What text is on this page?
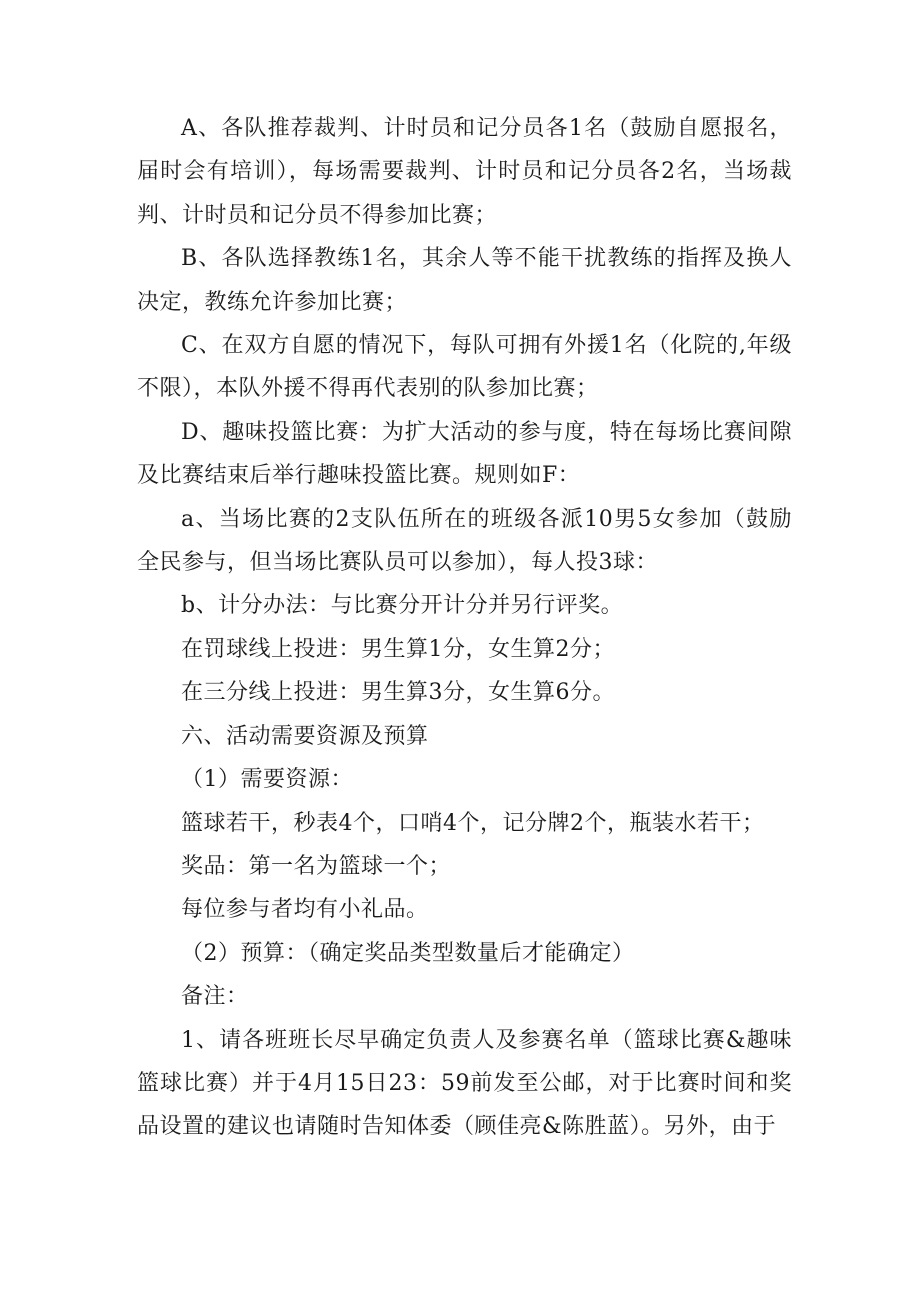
A、各队推荐裁判、计时员和记分员各1名（鼓励自愿报名，届时会有培训），每场需要裁判、计时员和记分员各2名，当场裁判、计时员和记分员不得参加比赛；

B、各队选择教练1名，其余人等不能干扰教练的指挥及换人决定，教练允许参加比赛；

C、在双方自愿的情况下，每队可拥有外援1名（化院的,年级不限），本队外援不得再代表别的队参加比赛；

D、趣味投篮比赛：为扩大活动的参与度，特在每场比赛间隙及比赛结束后举行趣味投篮比赛。规则如F：

a、当场比赛的2支队伍所在的班级各派10男5女参加（鼓励全民参与，但当场比赛队员可以参加），每人投3球：

b、计分办法：与比赛分开计分并另行评奖。

在罚球线上投进：男生算1分，女生算2分；

在三分线上投进：男生算3分，女生算6分。

六、活动需要资源及预算

（1）需要资源：

篮球若干，秒表4个，口哨4个，记分牌2个，瓶装水若干；

奖品：第一名为篮球一个；

每位参与者均有小礼品。

（2）预算：（确定奖品类型数量后才能确定）

备注：

1、请各班班长尽早确定负责人及参赛名单（篮球比赛&趣味篮球比赛）并于4月15日23：59前发至公邮，对于比赛时间和奖品设置的建议也请随时告知体委（顾佳亮&陈胜蓝）。另外，由于
